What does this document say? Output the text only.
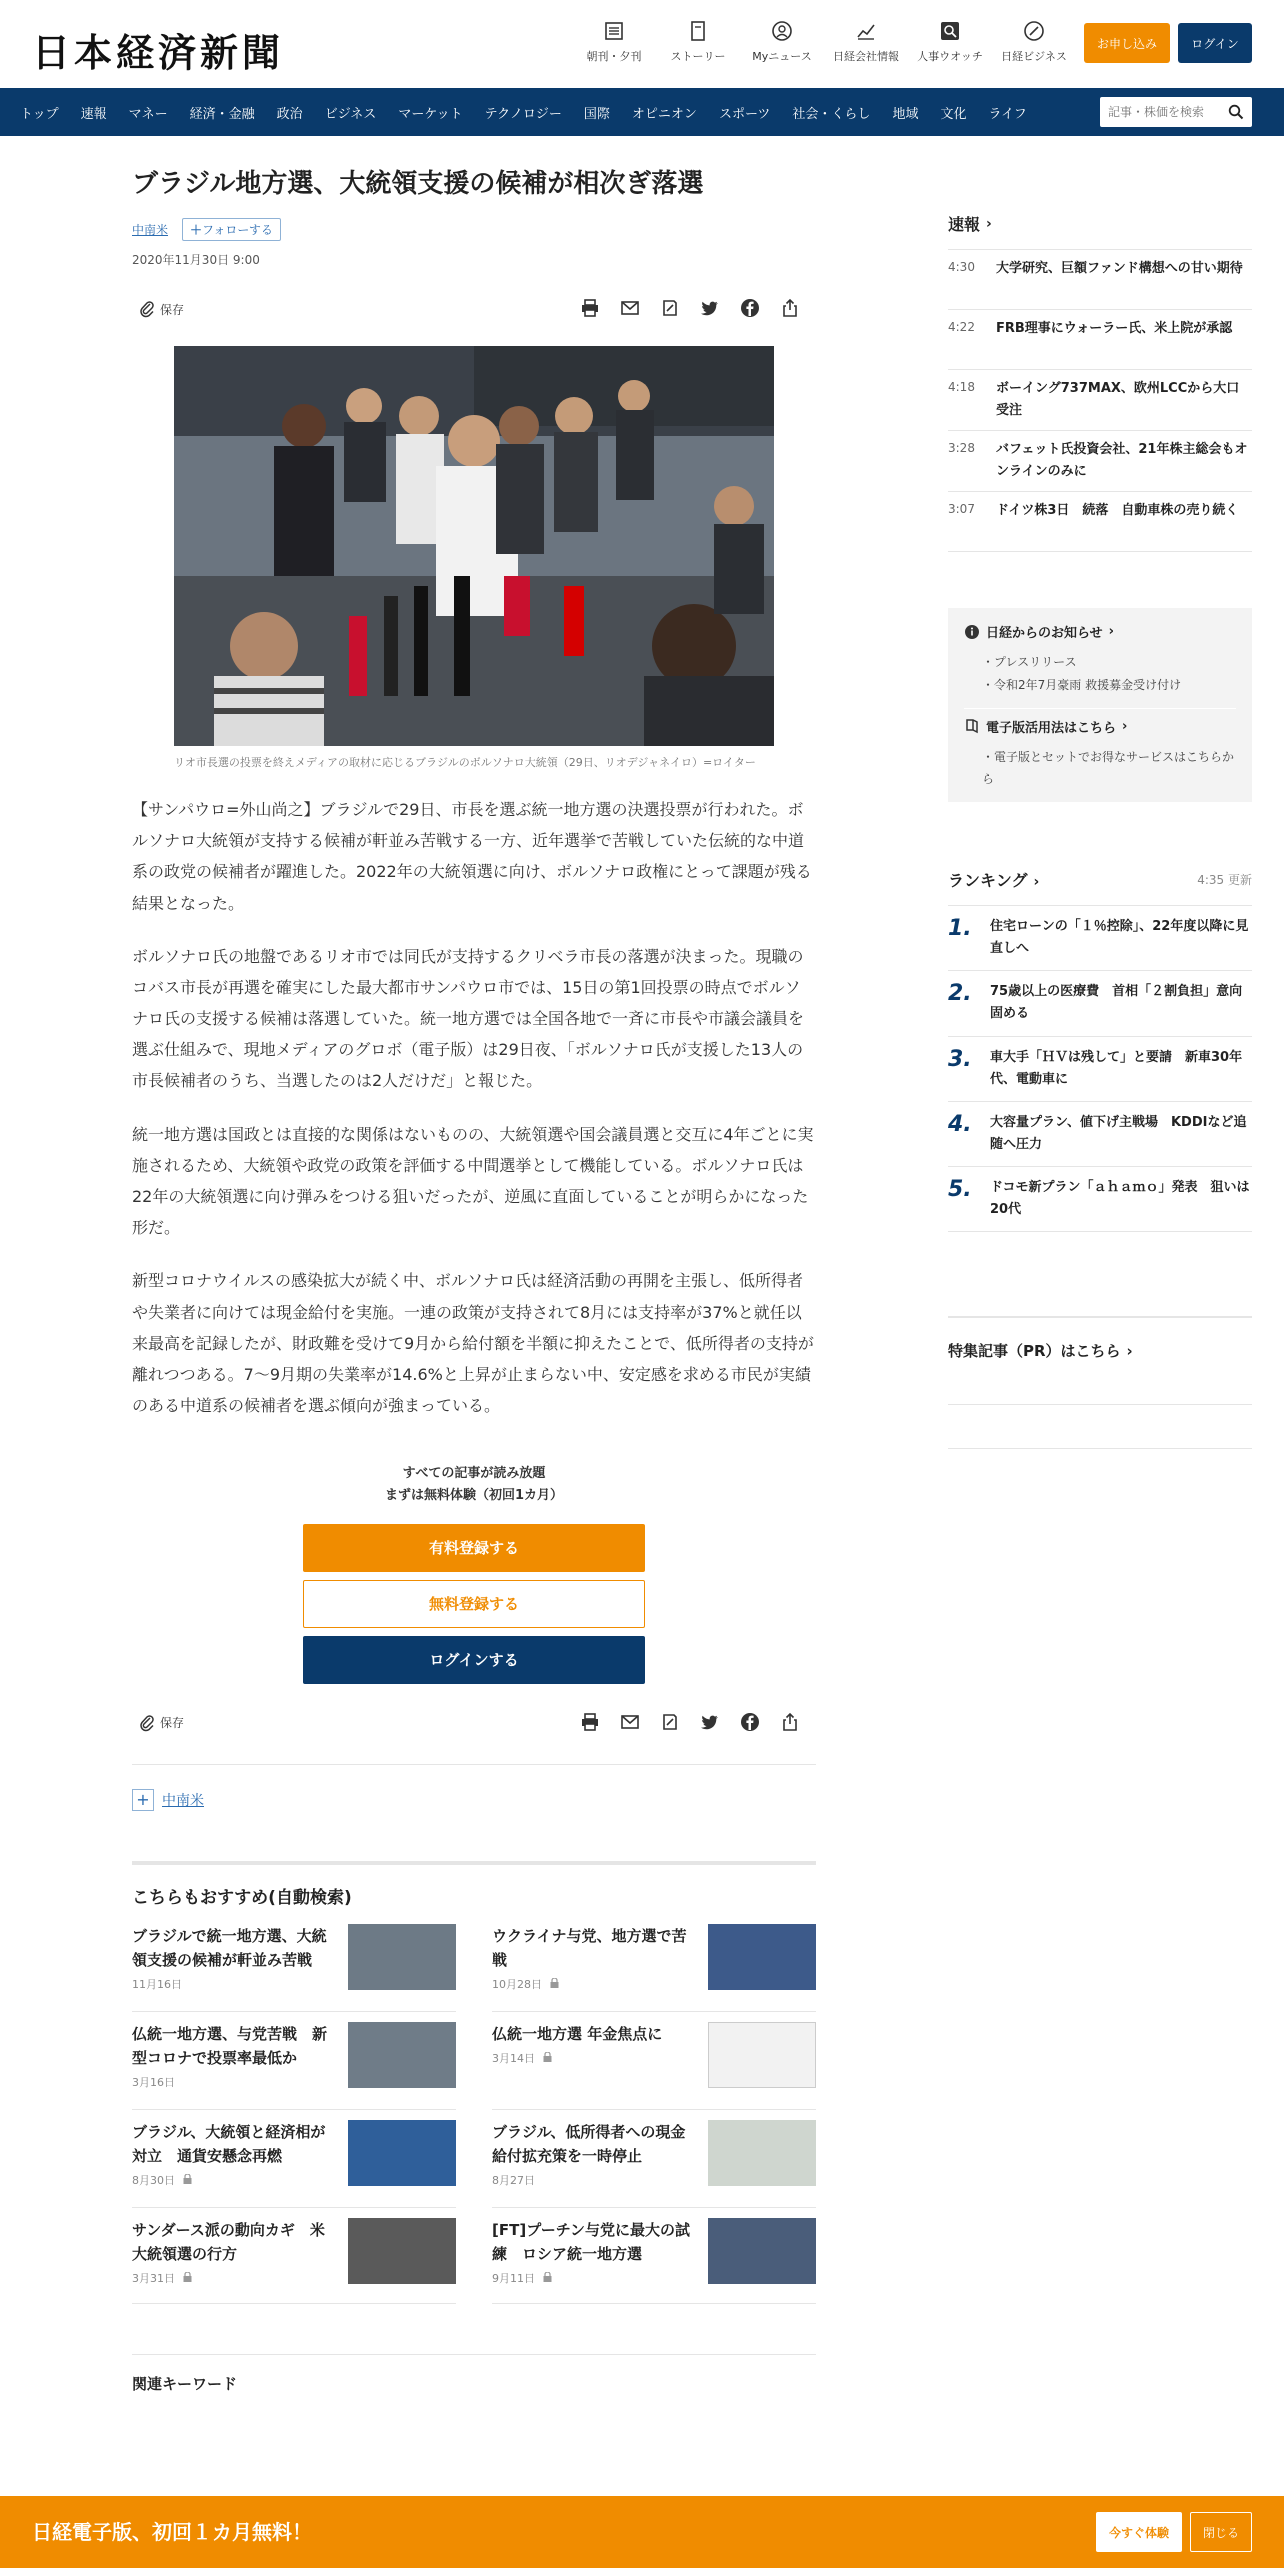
日本経済新聞	朝刊・夕刊	ストーリー	Myニュース	日経会社情報	人事ウオッチ	日経ビジネス
お申し込み	ログイン
トップ 速報 マネー 経済・金融 政治 ビジネス マーケット テクノロジー 国際 オピニオン スポーツ 社会・くらし 地域 文化 ライフ
記事・株価を検索
ブラジル地方選、大統領支援の候補が相次ぎ落選
中南米	＋フォローする
2020年11月30日 9:00
保存
リオ市長選の投票を終えメディアの取材に応じるブラジルのボルソナロ大統領（29日、リオデジャネイロ）=ロイター

【サンパウロ=外山尚之】ブラジルで29日、市長を選ぶ統一地方選の決選投票が行われた。ボルソナロ大統領が支持する候補が軒並み苦戦する一方、近年選挙で苦戦していた伝統的な中道系の政党の候補者が躍進した。2022年の大統領選に向け、ボルソナロ政権にとって課題が残る結果となった。

ボルソナロ氏の地盤であるリオ市では同氏が支持するクリベラ市長の落選が決まった。現職のコバス市長が再選を確実にした最大都市サンパウロ市では、15日の第1回投票の時点でボルソナロ氏の支援する候補は落選していた。統一地方選では全国各地で一斉に市長や市議会議員を選ぶ仕組みで、現地メディアのグロボ（電子版）は29日夜、「ボルソナロ氏が支援した13人の市長候補者のうち、当選したのは2人だけだ」と報じた。

統一地方選は国政とは直接的な関係はないものの、大統領選や国会議員選と交互に4年ごとに実施されるため、大統領や政党の政策を評価する中間選挙として機能している。ボルソナロ氏は22年の大統領選に向け弾みをつける狙いだったが、逆風に直面していることが明らかになった形だ。

新型コロナウイルスの感染拡大が続く中、ボルソナロ氏は経済活動の再開を主張し、低所得者や失業者に向けては現金給付を実施。一連の政策が支持されて8月には支持率が37%と就任以来最高を記録したが、財政難を受けて9月から給付額を半額に抑えたことで、低所得者の支持が離れつつある。7～9月期の失業率が14.6%と上昇が止まらない中、安定感を求める市民が実績のある中道系の候補者を選ぶ傾向が強まっている。

すべての記事が読み放題
まずは無料体験（初回1カ月）
有料登録する
無料登録する
ログインする
保存
+ 中南米
こちらもおすすめ(自動検索)
ブラジルで統一地方選、大統領支援の候補が軒並み苦戦
11月16日
ウクライナ与党、地方選で苦戦
10月28日
仏統一地方選、与党苦戦　新型コロナで投票率最低か
3月16日
仏統一地方選 年金焦点に
3月14日
ブラジル、大統領と経済相が対立　通貨安懸念再燃
8月30日
ブラジル、低所得者への現金給付拡充策を一時停止
8月27日
サンダース派の動向カギ　米大統領選の行方
3月31日
[FT]プーチン与党に最大の試練　ロシア統一地方選
9月11日
関連キーワード
速報 ›
4:30	大学研究、巨額ファンド構想への甘い期待
4:22	FRB理事にウォーラー氏、米上院が承認
4:18	ボーイング737MAX、欧州LCCから大口受注
3:28	バフェット氏投資会社、21年株主総会もオンラインのみに
3:07	ドイツ株3日　続落　自動車株の売り続く
日経からのお知らせ ›
・ プレスリリース
・ 令和2年7月豪雨 救援募金受け付け
電子版活用法はこちら ›
・ 電子版とセットでお得なサービスはこちらから
ランキング ›	4:35 更新
1.	住宅ローンの「１％控除」、22年度以降に見直しへ
2.	75歳以上の医療費　首相「２割負担」意向固める
3.	車大手「ＨＶは残して」と要請　新車30年代、電動車に
4.	大容量プラン、値下げ主戦場　KDDIなど追随へ圧力
5.	ドコモ新プラン「ａｈａｍｏ」発表　狙いは20代
特集記事（PR）はこちら ›
日経電子版、初回１カ月無料！	今すぐ体験	閉じる
